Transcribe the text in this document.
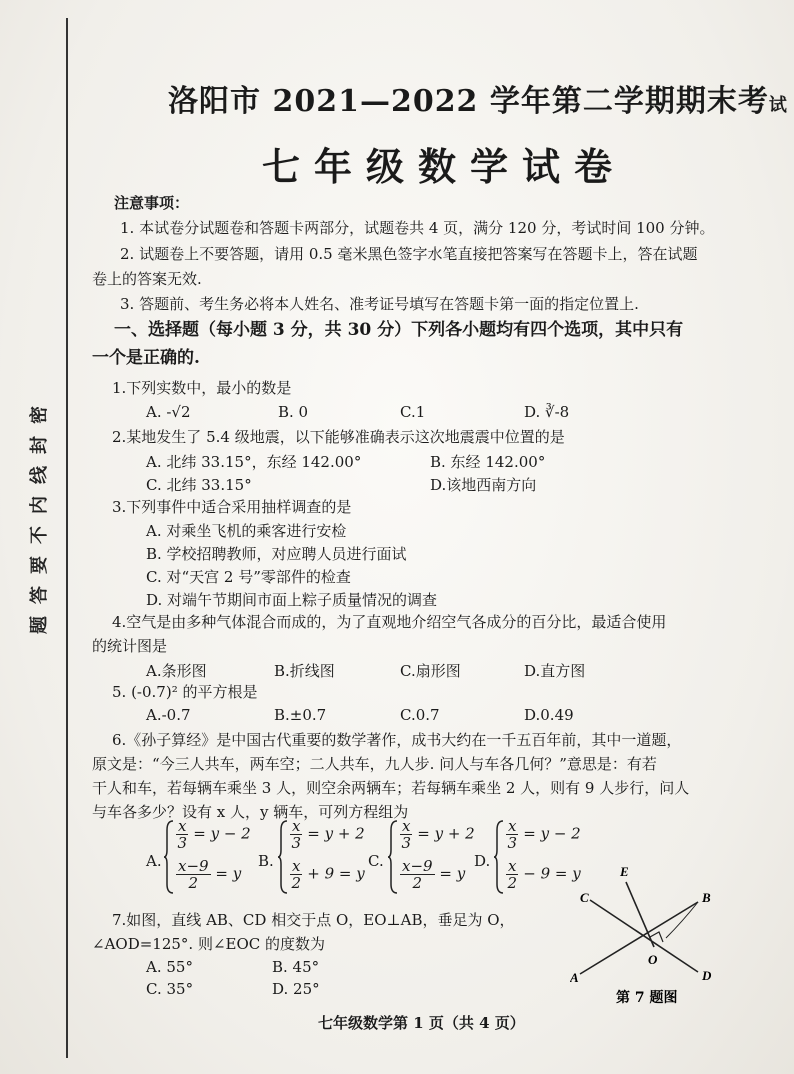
密
封
线
内
不
要
答
题
洛阳市 2021—2022 学年第二学期期末考试
七年级数学试卷
注意事项：
1. 本试卷分试题卷和答题卡两部分，试题卷共 4 页，满分 120 分，考试时间 100 分钟。
2. 试题卷上不要答题，请用 0.5 毫米黑色签字水笔直接把答案写在答题卡上，答在试题
卷上的答案无效.
3. 答题前、考生务必将本人姓名、准考证号填写在答题卡第一面的指定位置上.
一、选择题（每小题 3 分，共 30 分）下列各小题均有四个选项，其中只有
一个是正确的.
1.下列实数中，最小的数是
A. -√2	B. 0	C.1	D. ∛-8
2.某地发生了 5.4 级地震，以下能够准确表示这次地震震中位置的是
A. 北纬 33.15°，东经 142.00°	B. 东经 142.00°
C. 北纬 33.15°	D.该地西南方向
3.下列事件中适合采用抽样调查的是
A. 对乘坐飞机的乘客进行安检
B. 学校招聘教师，对应聘人员进行面试
C. 对“天宫 2 号”零部件的检查
D. 对端午节期间市面上粽子质量情况的调查
4.空气是由多种气体混合而成的，为了直观地介绍空气各成分的百分比，最适合使用
的统计图是
A.条形图	B.折线图	C.扇形图	D.直方图
5. (-0.7)² 的平方根是
A.-0.7	B.±0.7	C.0.7	D.0.49
6.《孙子算经》是中国古代重要的数学著作，成书大约在一千五百年前，其中一道题，
原文是：“今三人共车，两车空；二人共车，九人步. 问人与车各几何？”意思是：有若
干人和车，若每辆车乘坐 3 人，则空余两辆车；若每辆车乘坐 2 人，则有 9 人步行，问人
与车各多少？设有 x 人，y 辆车，可列方程组为
A.
$\frac{x}{3} = y - 2$
$\frac{x-9}{2} = y$
B.
$\frac{x}{3} = y + 2$
$\frac{x}{2} + 9 = y$
C.
$\frac{x}{3} = y + 2$
$\frac{x-9}{2} = y$
D.
$\frac{x}{3} = y - 2$
$\frac{x}{2} - 9 = y$
7.如图，直线 AB、CD 相交于点 O，EO⊥AB，垂足为 O，
∠AOD=125°. 则∠EOC 的度数为
A. 55°	B. 45°
C. 35°	D. 25°
A
B
C
D
E
O
第 7 题图
七年级数学第 1 页（共 4 页）
